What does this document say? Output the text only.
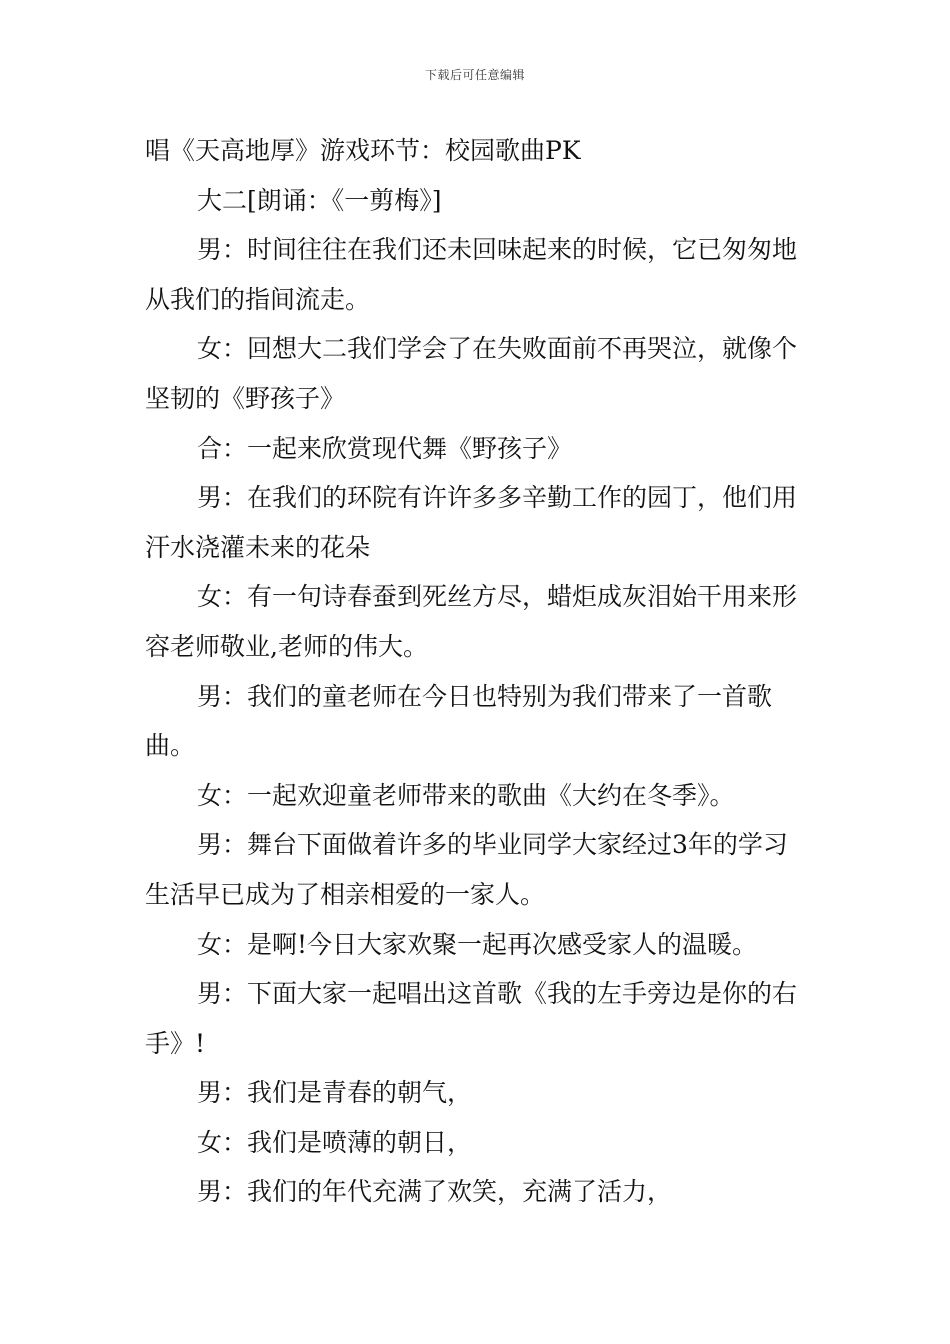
下载后可任意编辑

唱《天高地厚》游戏环节：校园歌曲PK

大二[朗诵：《一剪梅》]

男：时间往往在我们还未回味起来的时候，它已匆匆地从我们的指间流走。

女：回想大二我们学会了在失败面前不再哭泣，就像个坚韧的《野孩子》

合：一起来欣赏现代舞《野孩子》

男：在我们的环院有许许多多辛勤工作的园丁，他们用汗水浇灌未来的花朵

女：有一句诗春蚕到死丝方尽，蜡炬成灰泪始干用来形容老师敬业,老师的伟大。

男：我们的童老师在今日也特别为我们带来了一首歌曲。

女：一起欢迎童老师带来的歌曲《大约在冬季》。

男：舞台下面做着许多的毕业同学大家经过3年的学习生活早已成为了相亲相爱的一家人。

女：是啊!今日大家欢聚一起再次感受家人的温暖。

男：下面大家一起唱出这首歌《我的左手旁边是你的右手》!

男：我们是青春的朝气，

女：我们是喷薄的朝日，

男：我们的年代充满了欢笑，充满了活力，
